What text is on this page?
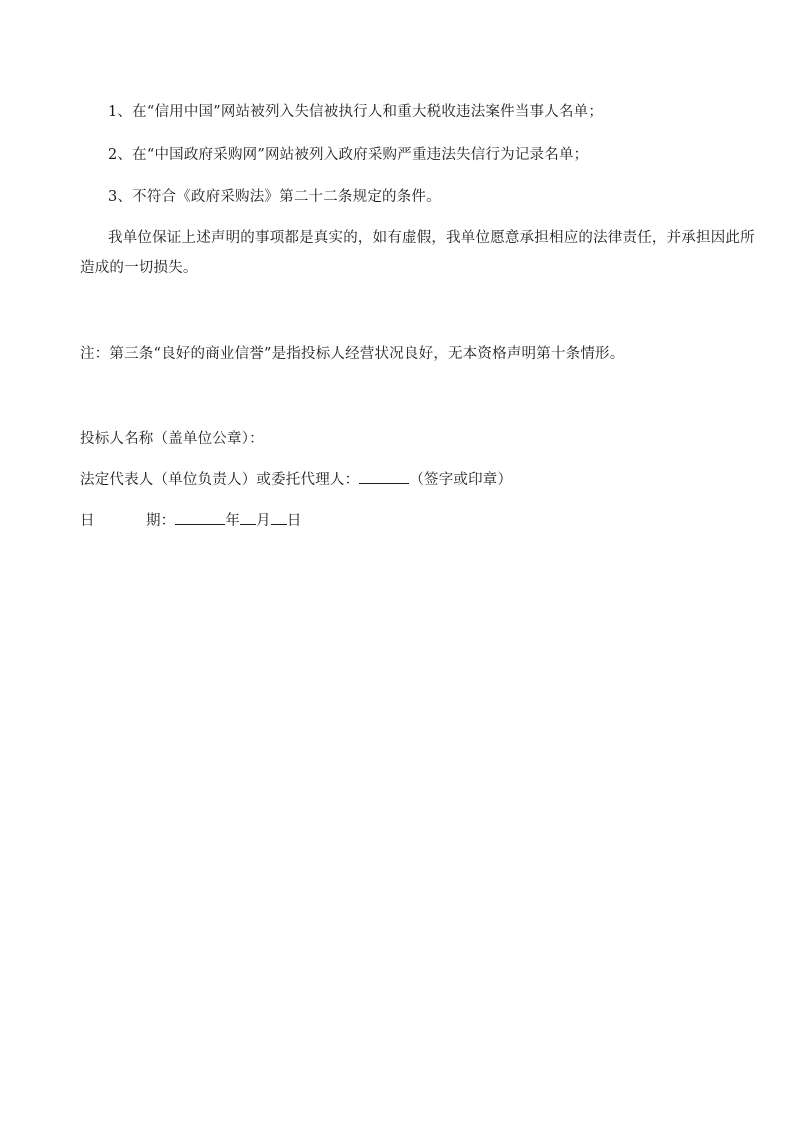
1、在“信用中国”网站被列入失信被执行人和重大税收违法案件当事人名单；
2、在“中国政府采购网”网站被列入政府采购严重违法失信行为记录名单；
3、不符合《政府采购法》第二十二条规定的条件。
我单位保证上述声明的事项都是真实的，如有虚假，我单位愿意承担相应的法律责任，并承担因此所
造成的一切损失。
注：第三条“良好的商业信誉”是指投标人经营状况良好，无本资格声明第十条情形。
投标人名称（盖单位公章）：
法定代表人（单位负责人）或委托代理人：	（签字或印章）
日	期：	年 月 日
